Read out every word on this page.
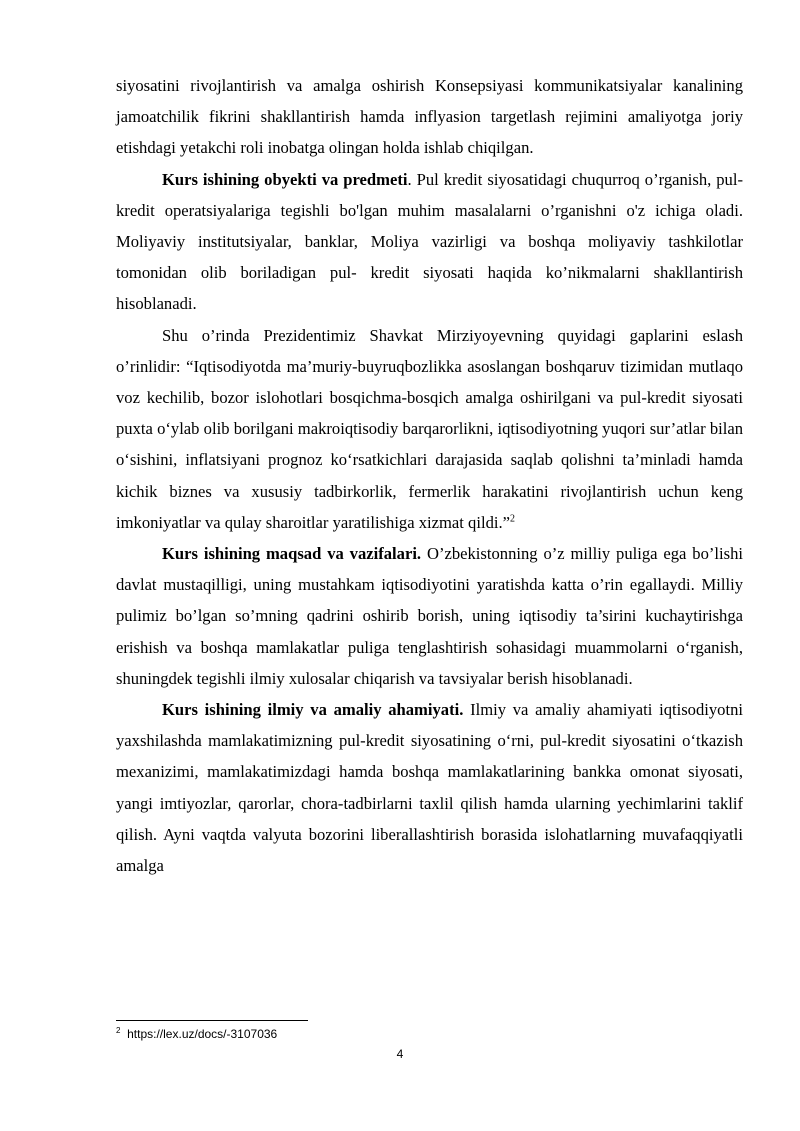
siyosatini rivojlantirish va amalga oshirish Konsepsiyasi kommunikatsiyalar kanalining jamoatchilik fikrini shakllantirish hamda inflyasion targetlash rejimini amaliyotga joriy etishdagi yetakchi roli inobatga olingan holda ishlab chiqilgan.

Kurs ishining obyekti va predmeti. Pul kredit siyosatidagi chuqurroq o’rganish, pul-kredit operatsiyalariga tegishli bo'lgan muhim masalalarni o’rganishni o'z ichiga oladi. Moliyaviy institutsiyalar, banklar, Moliya vazirligi va boshqa moliyaviy tashkilotlar tomonidan olib boriladigan pul- kredit siyosati haqida ko’nikmalarni shakllantirish hisoblanadi.

Shu o’rinda Prezidentimiz Shavkat Mirziyoyevning quyidagi gaplarini eslash o’rinlidir: “Iqtisodiyotda ma’muriy-buyruqbozlikka asoslangan boshqaruv tizimidan mutlaqo voz kechilib, bozor islohotlari bosqichma-bosqich amalga oshirilgani va pul-kredit siyosati puxta o‘ylab olib borilgani makroiqtisodiy barqarorlikni, iqtisodiyotning yuqori sur’atlar bilan o‘sishini, inflatsiyani prognoz ko‘rsatkichlari darajasida saqlab qolishni ta’minladi hamda kichik biznes va xususiy tadbirkorlik, fermerlik harakatini rivojlantirish uchun keng imkoniyatlar va qulay sharoitlar yaratilishiga xizmat qildi.”$^2$

Kurs ishining maqsad va vazifalari. O’zbekistonning o’z milliy puliga ega bo’lishi davlat mustaqilligi, uning mustahkam iqtisodiyotini yaratishda katta o’rin egallaydi. Milliy pulimiz bo’lgan so’mning qadrini oshirib borish, uning iqtisodiy ta’sirini kuchaytirishga erishish va boshqa mamlakatlar puliga tenglashtirish sohasidagi muammolarni o‘rganish, shuningdek tegishli ilmiy xulosalar chiqarish va tavsiyalar berish hisoblanadi.

Kurs ishining ilmiy va amaliy ahamiyati. Ilmiy va amaliy ahamiyati iqtisodiyotni yaxshilashda mamlakatimizning pul-kredit siyosatining o‘rni, pul-kredit siyosatini o‘tkazish mexanizimi, mamlakatimizdagi hamda boshqa mamlakatlarining bankka omonat siyosati, yangi imtiyozlar, qarorlar, chora-tadbirlarni taxlil qilish hamda ularning yechimlarini taklif qilish. Ayni vaqtda valyuta bozorini liberallashtirish borasida islohatlarning muvafaqqiyatli amalga

$^2$ https://lex.uz/docs/-3107036
4
